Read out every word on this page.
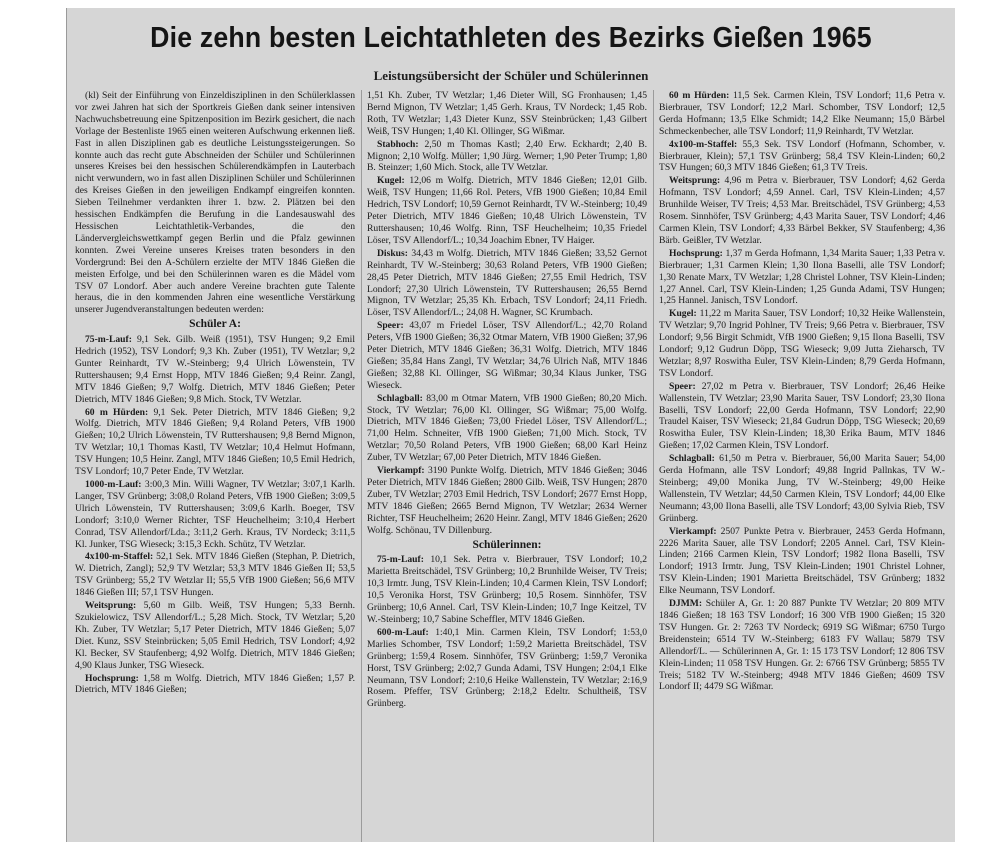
Die zehn besten Leichtathleten des Bezirks Gießen 1965
Leistungsübersicht der Schüler und Schülerinnen

(kl) Seit der Einführung von Einzeldisziplinen in den Schülerklassen vor zwei Jahren hat sich der Sportkreis Gießen dank seiner intensiven Nachwuchsbetreuung eine Spitzenposition im Bezirk gesichert, die nach Vorlage der Bestenliste 1965 einen weiteren Aufschwung erkennen ließ. Fast in allen Disziplinen gab es deutliche Leistungssteigerungen. So konnte auch das recht gute Abschneiden der Schüler und Schülerinnen unseres Kreises bei den hessischen Schülerendkämpfen in Lauterbach nicht verwundern, wo in fast allen Disziplinen Schüler und Schülerinnen des Kreises Gießen in den jeweiligen Endkampf eingreifen konnten. Sieben Teilnehmer verdankten ihrer 1. bzw. 2. Plätzen bei den hessischen Endkämpfen die Berufung in die Landesauswahl des Hessischen Leichtathletik-Verbandes, die den Ländervergleichswettkampf gegen Berlin und die Pfalz gewinnen konnten. Zwei Vereine unseres Kreises traten besonders in den Vordergrund: Bei den A-Schülern erzielte der MTV 1846 Gießen die meisten Erfolge, und bei den Schülerinnen waren es die Mädel vom TSV 07 Londorf. Aber auch andere Vereine brachten gute Talente heraus, die in den kommenden Jahren eine wesentliche Verstärkung unserer Jugendveranstaltungen bedeuten werden:

Schüler A:

75-m-Lauf: 9,1 Sek. Gilb. Weiß (1951), TSV Hungen; 9,2 Emil Hedrich (1952), TSV Londorf; 9,3 Kh. Zuber (1951), TV Wetzlar; 9,2 Gunter Reinhardt, TV W.-Steinberg; 9,4 Ulrich Löwenstein, TV Ruttershausen; 9,4 Ernst Hopp, MTV 1846 Gießen; 9,4 Reinr. Zangl, MTV 1846 Gießen; 9,7 Wolfg. Dietrich, MTV 1846 Gießen; Peter Dietrich, MTV 1846 Gießen; 9,8 Mich. Stock, TV Wetzlar.

60 m Hürden: 9,1 Sek. Peter Dietrich, MTV 1846 Gießen; 9,2 Wolfg. Dietrich, MTV 1846 Gießen; 9,4 Roland Peters, VfB 1900 Gießen; 10,2 Ulrich Löwenstein, TV Ruttershausen; 9,8 Bernd Mignon, TV Wetzlar; 10,1 Thomas Kastl, TV Wetzlar; 10,4 Helmut Hofmann, TSV Hungen; 10,5 Heinr. Zangl, MTV 1846 Gießen; 10,5 Emil Hedrich, TSV Londorf; 10,7 Peter Ende, TV Wetzlar.

1000-m-Lauf: 3:00,3 Min. Willi Wagner, TV Wetzlar; 3:07,1 Karlh. Langer, TSV Grünberg; 3:08,0 Roland Peters, VfB 1900 Gießen; 3:09,5 Ulrich Löwenstein, TV Ruttershausen; 3:09,6 Karlh. Boeger, TSV Londorf; 3:10,0 Werner Richter, TSF Heuchelheim; 3:10,4 Herbert Conrad, TSV Allendorf/Lda.; 3:11,2 Gerh. Kraus, TV Nordeck; 3:11,5 Kl. Junker, TSG Wieseck; 3:15,3 Eckh. Schütz, TV Wetzlar.

4x100-m-Staffel: 52,1 Sek. MTV 1846 Gießen (Stephan, P. Dietrich, W. Dietrich, Zangl); 52,9 TV Wetzlar; 53,3 MTV 1846 Gießen II; 53,5 TSV Grünberg; 55,2 TV Wetzlar II; 55,5 VfB 1900 Gießen; 56,6 MTV 1846 Gießen III; 57,1 TSV Hungen.

Weitsprung: 5,60 m Gilb. Weiß, TSV Hungen; 5,33 Bernh. Szukielowicz, TSV Allendorf/L.; 5,28 Mich. Stock, TV Wetzlar; 5,20 Kh. Zuber, TV Wetzlar; 5,17 Peter Dietrich, MTV 1846 Gießen; 5,07 Diet. Kunz, SSV Steinbrücken; 5,05 Emil Hedrich, TSV Londorf; 4,92 Kl. Becker, SV Staufenberg; 4,92 Wolfg. Dietrich, MTV 1846 Gießen; 4,90 Klaus Junker, TSG Wieseck.

Hochsprung: 1,58 m Wolfg. Dietrich, MTV 1846 Gießen; 1,57 P. Dietrich, MTV 1846 Gießen;

1,51 Kh. Zuber, TV Wetzlar; 1,46 Dieter Will, SG Fronhausen; 1,45 Bernd Mignon, TV Wetzlar; 1,45 Gerh. Kraus, TV Nordeck; 1,45 Rob. Roth, TV Wetzlar; 1,43 Dieter Kunz, SSV Steinbrücken; 1,43 Gilbert Weiß, TSV Hungen; 1,40 Kl. Ollinger, SG Wißmar.

Stabhoch: 2,50 m Thomas Kastl; 2,40 Erw. Eckhardt; 2,40 B. Mignon; 2,10 Wolfg. Müller; 1,90 Jürg. Werner; 1,90 Peter Trump; 1,80 B. Steinzer; 1,60 Mich. Stock, alle TV Wetzlar.

Kugel: 12,06 m Wolfg. Dietrich, MTV 1846 Gießen; 12,01 Gilb. Weiß, TSV Hungen; 11,66 Rol. Peters, VfB 1900 Gießen; 10,84 Emil Hedrich, TSV Londorf; 10,59 Gernot Reinhardt, TV W.-Steinberg; 10,49 Peter Dietrich, MTV 1846 Gießen; 10,48 Ulrich Löwenstein, TV Ruttershausen; 10,46 Wolfg. Rinn, TSF Heuchelheim; 10,35 Friedel Löser, TSV Allendorf/L.; 10,34 Joachim Ebner, TV Haiger.

Diskus: 34,43 m Wolfg. Dietrich, MTV 1846 Gießen; 33,52 Gernot Reinhardt, TV W.-Steinberg; 30,63 Roland Peters, VfB 1900 Gießen; 28,45 Peter Dietrich, MTV 1846 Gießen; 27,55 Emil Hedrich, TSV Londorf; 27,30 Ulrich Löwenstein, TV Ruttershausen; 26,55 Bernd Mignon, TV Wetzlar; 25,35 Kh. Erbach, TSV Londorf; 24,11 Friedh. Löser, TSV Allendorf/L.; 24,08 H. Wagner, SC Krumbach.

Speer: 43,07 m Friedel Löser, TSV Allendorf/L.; 42,70 Roland Peters, VfB 1900 Gießen; 36,32 Otmar Matern, VfB 1900 Gießen; 37,96 Peter Dietrich, MTV 1846 Gießen; 36,31 Wolfg. Dietrich, MTV 1846 Gießen; 35,84 Hans Zangl, TV Wetzlar; 34,76 Ulrich Naß, MTV 1846 Gießen; 32,88 Kl. Ollinger, SG Wißmar; 30,34 Klaus Junker, TSG Wieseck.

Schlagball: 83,00 m Otmar Matern, VfB 1900 Gießen; 80,20 Mich. Stock, TV Wetzlar; 76,00 Kl. Ollinger, SG Wißmar; 75,00 Wolfg. Dietrich, MTV 1846 Gießen; 73,00 Friedel Löser, TSV Allendorf/L.; 71,00 Helm. Schneiter, VfB 1900 Gießen; 71,00 Mich. Stock, TV Wetzlar; 70,50 Roland Peters, VfB 1900 Gießen; 68,00 Karl Heinz Zuber, TV Wetzlar; 67,00 Peter Dietrich, MTV 1846 Gießen.

Vierkampf: 3190 Punkte Wolfg. Dietrich, MTV 1846 Gießen; 3046 Peter Dietrich, MTV 1846 Gießen; 2800 Gilb. Weiß, TSV Hungen; 2870 Zuber, TV Wetzlar; 2703 Emil Hedrich, TSV Londorf; 2677 Ernst Hopp, MTV 1846 Gießen; 2665 Bernd Mignon, TV Wetzlar; 2634 Werner Richter, TSF Heuchelheim; 2620 Heinr. Zangl, MTV 1846 Gießen; 2620 Wolfg. Schönau, TV Dillenburg.

Schülerinnen:

75-m-Lauf: 10,1 Sek. Petra v. Bierbrauer, TSV Londorf; 10,2 Marietta Breitschädel, TSV Grünberg; 10,2 Brunhilde Weiser, TV Treis; 10,3 Irmtr. Jung, TSV Klein-Linden; 10,4 Carmen Klein, TSV Londorf; 10,5 Veronika Horst, TSV Grünberg; 10,5 Rosem. Sinnhöfer, TSV Grünberg; 10,6 Annel. Carl, TSV Klein-Linden; 10,7 Inge Keitzel, TV W.-Steinberg; 10,7 Sabine Scheffler, MTV 1846 Gießen.

600-m-Lauf: 1:40,1 Min. Carmen Klein, TSV Londorf; 1:53,0 Marlies Schomber, TSV Londorf; 1:59,2 Marietta Breitschädel, TSV Grünberg; 1:59,4 Rosem. Sinnhöfer, TSV Grünberg; 1:59,7 Veronika Horst, TSV Grünberg; 2:02,7 Gunda Adami, TSV Hungen; 2:04,1 Elke Neumann, TSV Londorf; 2:10,6 Heike Wallenstein, TV Wetzlar; 2:16,9 Rosem. Pfeffer, TSV Grünberg; 2:18,2 Edeltr. Schultheiß, TSV Grünberg.

60 m Hürden: 11,5 Sek. Carmen Klein, TSV Londorf; 11,6 Petra v. Bierbrauer, TSV Londorf; 12,2 Marl. Schomber, TSV Londorf; 12,5 Gerda Hofmann; 13,5 Elke Schmidt; 14,2 Elke Neumann; 15,0 Bärbel Schmeckenbecher, alle TSV Londorf; 11,9 Reinhardt, TV Wetzlar.

4x100-m-Staffel: 55,3 Sek. TSV Londorf (Hofmann, Schomber, v. Bierbrauer, Klein); 57,1 TSV Grünberg; 58,4 TSV Klein-Linden; 60,2 TSV Hungen; 60,3 MTV 1846 Gießen; 61,3 TV Treis.

Weitsprung: 4,96 m Petra v. Bierbrauer, TSV Londorf; 4,62 Gerda Hofmann, TSV Londorf; 4,59 Annel. Carl, TSV Klein-Linden; 4,57 Brunhilde Weiser, TV Treis; 4,53 Mar. Breitschädel, TSV Grünberg; 4,53 Rosem. Sinnhöfer, TSV Grünberg; 4,43 Marita Sauer, TSV Londorf; 4,46 Carmen Klein, TSV Londorf; 4,33 Bärbel Bekker, SV Staufenberg; 4,36 Bärb. Geißler, TV Wetzlar.

Hochsprung: 1,37 m Gerda Hofmann, 1,34 Marita Sauer; 1,33 Petra v. Bierbrauer; 1,31 Carmen Klein; 1,30 Ilona Baselli, alle TSV Londorf; 1,30 Renate Marx, TV Wetzlar; 1,28 Christel Lohner, TSV Klein-Linden; 1,27 Annel. Carl, TSV Klein-Linden; 1,25 Gunda Adami, TSV Hungen; 1,25 Hannel. Janisch, TSV Londorf.

Kugel: 11,22 m Marita Sauer, TSV Londorf; 10,32 Heike Wallenstein, TV Wetzlar; 9,70 Ingrid Pohlner, TV Treis; 9,66 Petra v. Bierbrauer, TSV Londorf; 9,56 Birgit Schmidt, VfB 1900 Gießen; 9,15 Ilona Baselli, TSV Londorf; 9,12 Gudrun Döpp, TSG Wieseck; 9,09 Jutta Zieharsch, TV Wetzlar; 8,97 Roswitha Euler, TSV Klein-Linden; 8,79 Gerda Hofmann, TSV Londorf.

Speer: 27,02 m Petra v. Bierbrauer, TSV Londorf; 26,46 Heike Wallenstein, TV Wetzlar; 23,90 Marita Sauer, TSV Londorf; 23,30 Ilona Baselli, TSV Londorf; 22,00 Gerda Hofmann, TSV Londorf; 22,90 Traudel Kaiser, TSV Wieseck; 21,84 Gudrun Döpp, TSG Wieseck; 20,69 Roswitha Euler, TSV Klein-Linden; 18,30 Erika Baum, MTV 1846 Gießen; 17,02 Carmen Klein, TSV Londorf.

Schlagball: 61,50 m Petra v. Bierbrauer, 56,00 Marita Sauer; 54,00 Gerda Hofmann, alle TSV Londorf; 49,88 Ingrid Pallnkas, TV W.-Steinberg; 49,00 Monika Jung, TV W.-Steinberg; 49,00 Heike Wallenstein, TV Wetzlar; 44,50 Carmen Klein, TSV Londorf; 44,00 Elke Neumann; 43,00 Ilona Baselli, alle TSV Londorf; 43,00 Sylvia Rieb, TSV Grünberg.

Vierkampf: 2507 Punkte Petra v. Bierbrauer, 2453 Gerda Hofmann, 2226 Marita Sauer, alle TSV Londorf; 2205 Annel. Carl, TSV Klein-Linden; 2166 Carmen Klein, TSV Londorf; 1982 Ilona Baselli, TSV Londorf; 1913 Irmtr. Jung, TSV Klein-Linden; 1901 Christel Lohner, TSV Klein-Linden; 1901 Marietta Breitschädel, TSV Grünberg; 1832 Elke Neumann, TSV Londorf.

DJMM: Schüler A, Gr. 1: 20 887 Punkte TV Wetzlar; 20 809 MTV 1846 Gießen; 18 163 TSV Londorf; 16 300 VfB 1900 Gießen; 15 320 TSV Hungen. Gr. 2: 7263 TV Nordeck; 6919 SG Wißmar; 6750 Turgo Breidenstein; 6514 TV W.-Steinberg; 6183 FV Wallau; 5879 TSV Allendorf/L. — Schülerinnen A, Gr. 1: 15 173 TSV Londorf; 12 806 TSV Klein-Linden; 11 058 TSV Hungen. Gr. 2: 6766 TSV Grünberg; 5855 TV Treis; 5182 TV W.-Steinberg; 4948 MTV 1846 Gießen; 4609 TSV Londorf II; 4479 SG Wißmar.
